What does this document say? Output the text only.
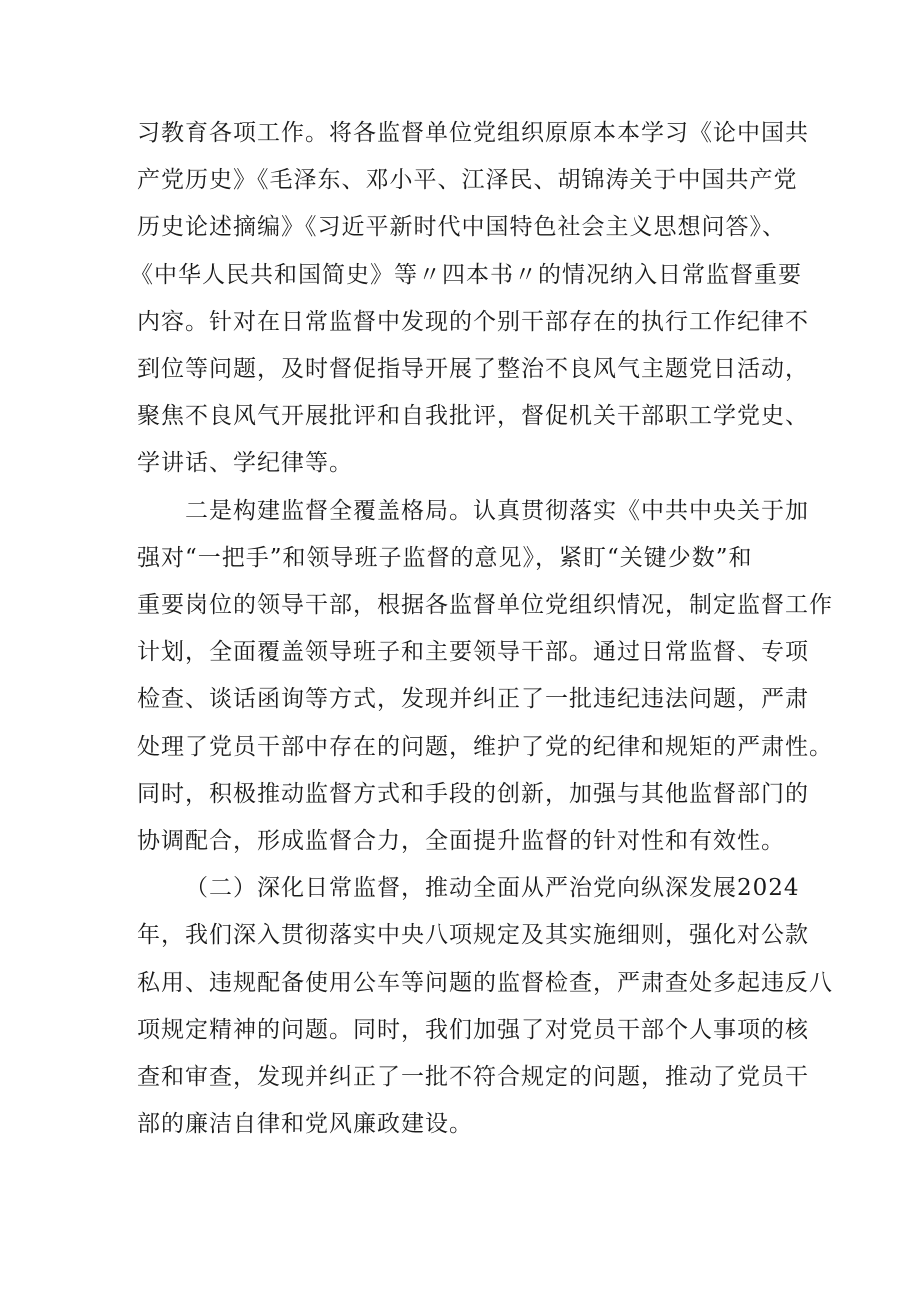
习教育各项工作。将各监督单位党组织原原本本学习《论中国共
产党历史》《毛泽东、邓小平、江泽民、胡锦涛关于中国共产党
历史论述摘编》《习近平新时代中国特色社会主义思想问答》、
《中华人民共和国简史》等〃四本书〃的情况纳入日常监督重要
内容。针对在日常监督中发现的个别干部存在的执行工作纪律不
到位等问题，及时督促指导开展了整治不良风气主题党日活动，
聚焦不良风气开展批评和自我批评，督促机关干部职工学党史、
学讲话、学纪律等。
二是构建监督全覆盖格局。认真贯彻落实《中共中央关于加
强对“一把手”和领导班子监督的意见》，紧盯“关键少数”和
重要岗位的领导干部，根据各监督单位党组织情况，制定监督工作
计划，全面覆盖领导班子和主要领导干部。通过日常监督、专项
检查、谈话函询等方式，发现并纠正了一批违纪违法问题，严肃
处理了党员干部中存在的问题，维护了党的纪律和规矩的严肃性。
同时，积极推动监督方式和手段的创新，加强与其他监督部门的
协调配合，形成监督合力，全面提升监督的针对性和有效性。
（二）深化日常监督，推动全面从严治党向纵深发展2024
年，我们深入贯彻落实中央八项规定及其实施细则，强化对公款
私用、违规配备使用公车等问题的监督检查，严肃查处多起违反八
项规定精神的问题。同时，我们加强了对党员干部个人事项的核
查和审查，发现并纠正了一批不符合规定的问题，推动了党员干
部的廉洁自律和党风廉政建设。
